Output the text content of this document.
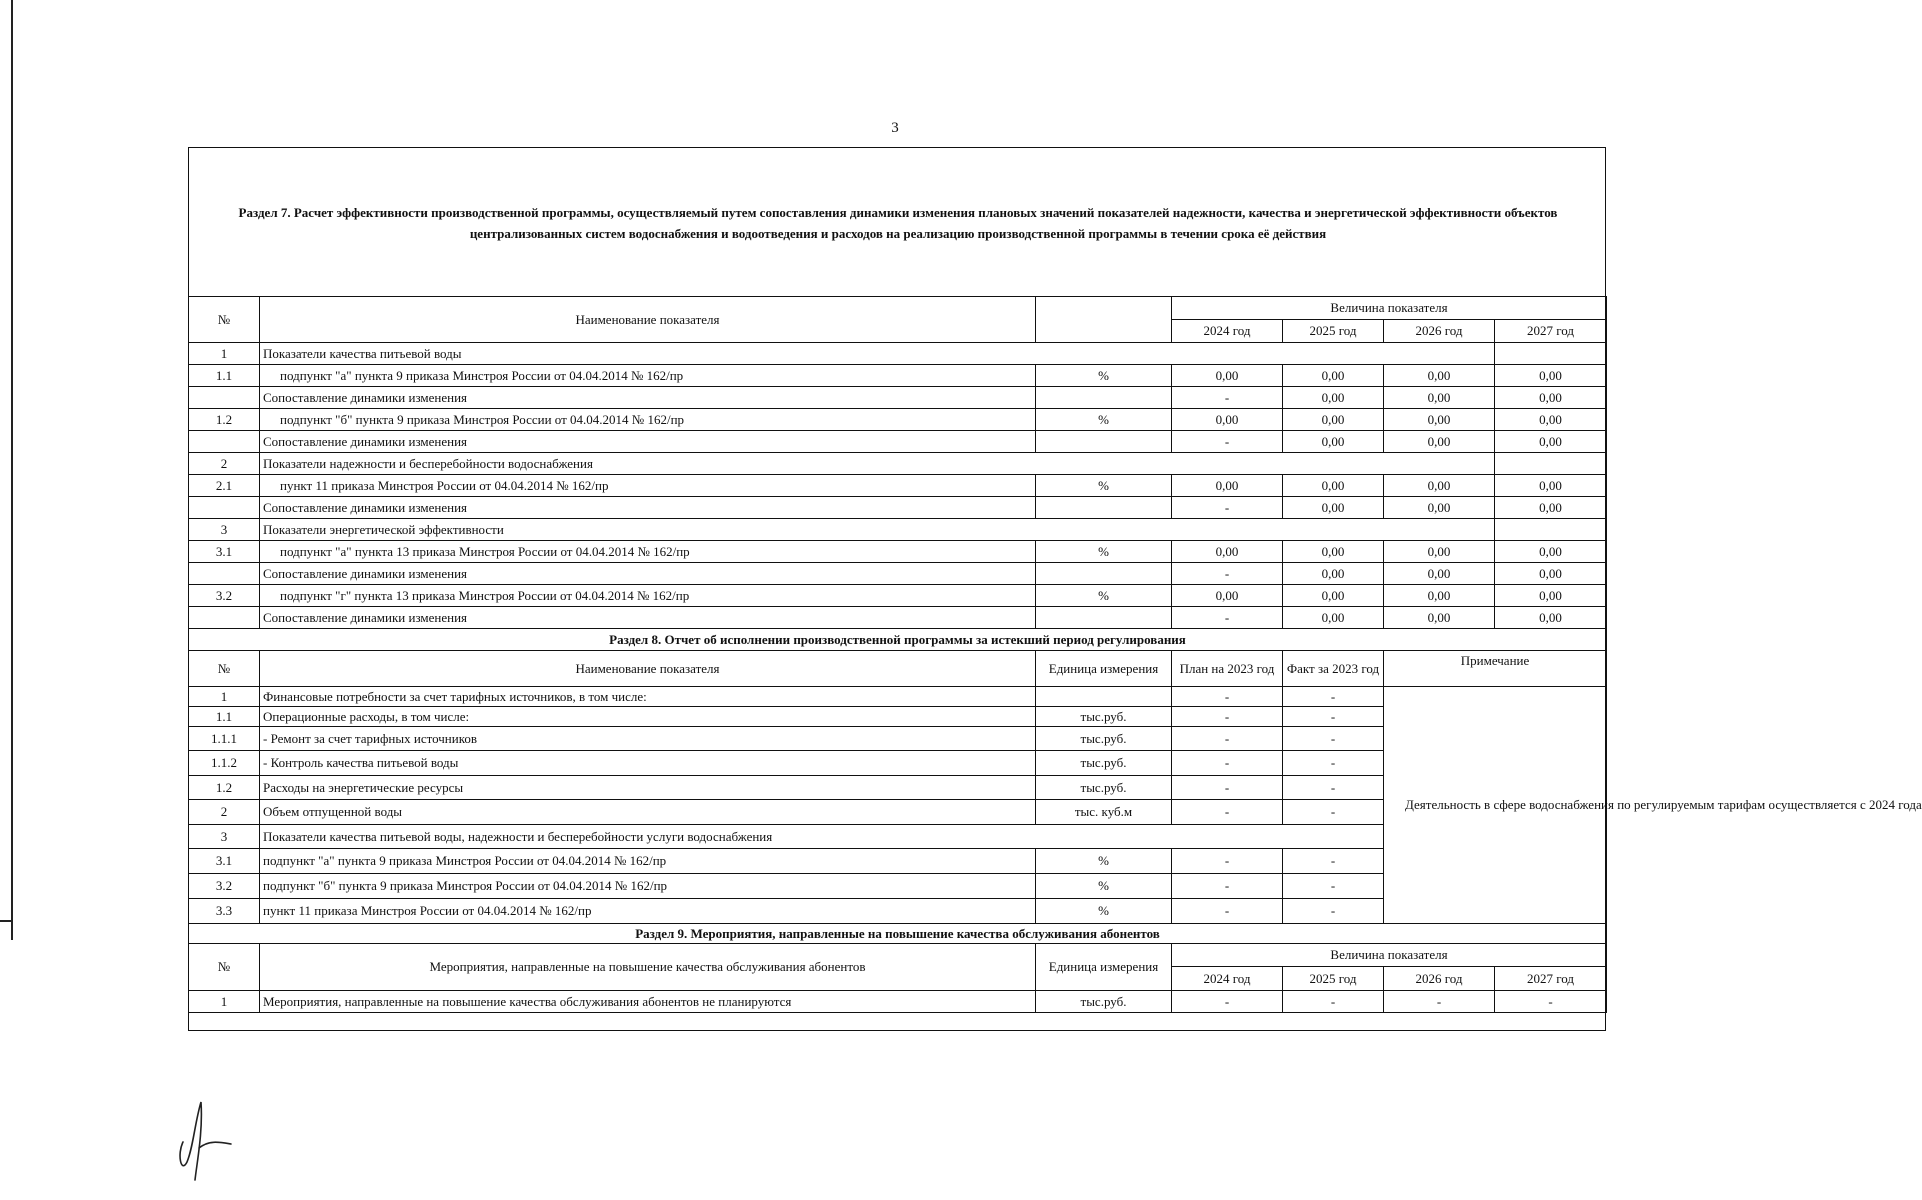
3
Раздел 7. Расчет эффективности производственной программы, осуществляемый путем сопоставления динамики изменения плановых значений показателей надежности, качества и энергетической эффективности объектов централизованных систем водоснабжения и водоотведения и расходов на реализацию производственной программы в течении срока её действия
№	Наименование показателя		Величина показателя			
			2024 год	2025 год	2026 год	2027 год
1	Показатели качества питьевой воды					
1.1	подпункт "а" пункта 9 приказа Минстроя России от 04.04.2014 № 162/пр	%	0,00	0,00	0,00	0,00
	Сопоставление динамики изменения		-	0,00	0,00	0,00
1.2	подпункт "б" пункта 9 приказа Минстроя России от 04.04.2014 № 162/пр	%	0,00	0,00	0,00	0,00
	Сопоставление динамики изменения		-	0,00	0,00	0,00
2	Показатели надежности и бесперебойности водоснабжения					
2.1	пункт 11 приказа Минстроя России от 04.04.2014 № 162/пр	%	0,00	0,00	0,00	0,00
	Сопоставление динамики изменения		-	0,00	0,00	0,00
3	Показатели энергетической эффективности					
3.1	подпункт "а" пункта 13 приказа Минстроя России от 04.04.2014 № 162/пр	%	0,00	0,00	0,00	0,00
	Сопоставление динамики изменения		-	0,00	0,00	0,00
3.2	подпункт "г" пункта 13 приказа Минстроя России от 04.04.2014 № 162/пр	%	0,00	0,00	0,00	0,00
	Сопоставление динамики изменения		-	0,00	0,00	0,00
Раздел 8. Отчет об исполнении производственной программы за истекший период регулирования						
№	Наименование показателя	Единица измерения	План на 2023 год	Факт за 2023 год	Примечание	
1	Финансовые потребности за счет тарифных источников, в том числе:		-	-	Деятельность в сфере водоснабжения по регулируемым тарифам осуществляется с 2024 года	
1.1	Операционные расходы, в том числе:	тыс.руб.	-	-		
1.1.1	- Ремонт за счет тарифных источников	тыс.руб.	-	-		
1.1.2	- Контроль качества питьевой воды	тыс.руб.	-	-		
1.2	Расходы на энергетические ресурсы	тыс.руб.	-	-		
2	Объем отпущенной воды	тыс. куб.м	-	-		
3	Показатели качества питьевой воды, надежности и бесперебойности услуги водоснабжения					
3.1	подпункт "а" пункта 9 приказа Минстроя России от 04.04.2014 № 162/пр	%	-	-		
3.2	подпункт "б" пункта 9 приказа Минстроя России от 04.04.2014 № 162/пр	%	-	-		
3.3	пункт 11 приказа Минстроя России от 04.04.2014 № 162/пр	%	-	-		
Раздел 9. Мероприятия, направленные на повышение качества обслуживания абонентов						
№	Мероприятия, направленные на повышение качества обслуживания абонентов	Единица измерения	Величина показателя			
			2024 год	2025 год	2026 год	2027 год
1	Мероприятия, направленные на повышение качества обслуживания абонентов не планируются	тыс.руб.	-	-	-	-
